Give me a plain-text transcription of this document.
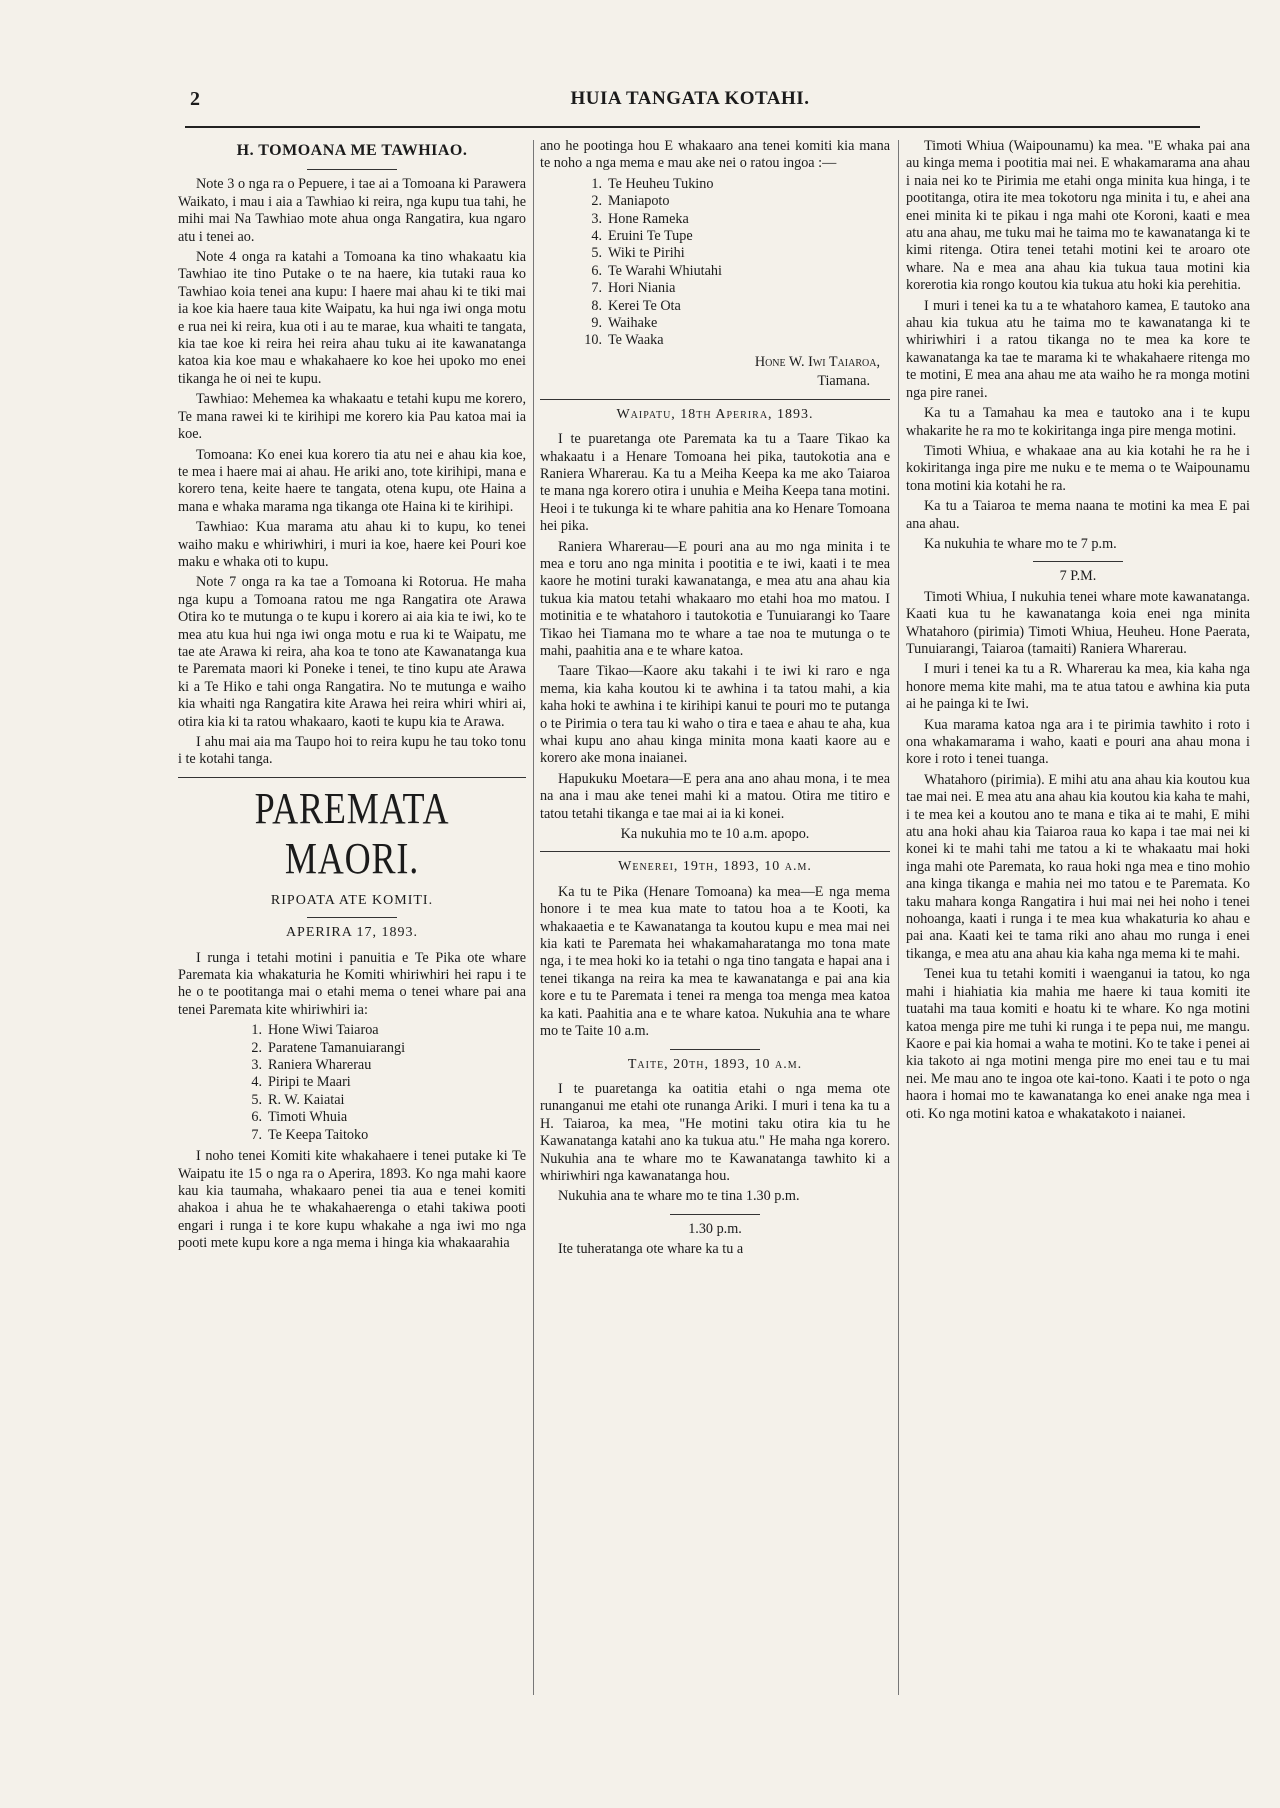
2	HUIA TANGATA KOTAHI.
H. TOMOANA ME TAWHIAO.

Note 3 o nga ra o Pepuere, i tae ai a Tomoana ki Parawera Waikato, i mau i aia a Tawhiao ki reira, nga kupu tua tahi, he mihi mai Na Tawhiao mote ahua onga Rangatira, kua ngaro atu i tenei ao.

Note 4 onga ra katahi a Tomoana ka tino whakaatu kia Tawhiao ite tino Putake o te na haere, kia tutaki raua ko Tawhiao koia tenei ana kupu: I haere mai ahau ki te tiki mai ia koe kia haere taua kite Waipatu, ka hui nga iwi onga motu e rua nei ki reira, kua oti i au te marae, kua whaiti te tangata, kia tae koe ki reira hei reira ahau tuku ai ite kawanatanga katoa kia koe mau e whakahaere ko koe hei upoko mo enei tikanga he oi nei te kupu.

Tawhiao: Mehemea ka whakaatu e tetahi kupu me korero, Te mana rawei ki te kirihipi me korero kia Pau katoa mai ia koe.

Tomoana: Ko enei kua korero tia atu nei e ahau kia koe, te mea i haere mai ai ahau. He ariki ano, tote kirihipi, mana e korero tena, keite haere te tangata, otena kupu, ote Haina a mana e whaka marama nga tikanga ote Haina ki te kirihipi.

Tawhiao: Kua marama atu ahau ki to kupu, ko tenei waiho maku e whiriwhiri, i muri ia koe, haere kei Pouri koe maku e whaka oti to kupu.

Note 7 onga ra ka tae a Tomoana ki Rotorua. He maha nga kupu a Tomoana ratou me nga Rangatira ote Arawa Otira ko te mutunga o te kupu i korero ai aia kia te iwi, ko te mea atu kua hui nga iwi onga motu e rua ki te Waipatu, me tae ate Arawa ki reira, aha koa te tono ate Kawanatanga kua te Paremata maori ki Poneke i tenei, te tino kupu ate Arawa ki a Te Hiko e tahi onga Rangatira. No te mutunga e waiho kia whaiti nga Rangatira kite Arawa hei reira whiri whiri ai, otira kia ki ta ratou whakaaro, kaoti te kupu kia te Arawa.

I ahu mai aia ma Taupo hoi to reira kupu he tau toko tonu i te kotahi tanga.

PAREMATA MAORI.
RIPOATA ATE KOMITI.
APERIRA 17, 1893.

I runga i tetahi motini i panuitia e Te Pika ote whare Paremata kia whakaturia he Komiti whiriwhiri hei rapu i te he o te pootitanga mai o etahi mema o tenei whare pai ana tenei Paremata kite whiriwhiri ia:

1. Hone Wiwi Taiaroa
2. Paratene Tamanuiarangi
3. Raniera Wharerau
4. Piripi te Maari
5. R. W. Kaiatai
6. Timoti Whuia
7. Te Keepa Taitoko

I noho tenei Komiti kite whakahaere i tenei putake ki Te Waipatu ite 15 o nga ra o Aperira, 1893. Ko nga mahi kaore kau kia taumaha, whakaaro penei tia aua e tenei komiti ahakoa i ahua he te whakahaerenga o etahi takiwa pooti engari i runga i te kore kupu whakahe a nga iwi mo nga pooti mete kupu kore a nga mema i hinga kia whakaarahia

ano he pootinga hou E whakaaro ana tenei komiti kia mana te noho a nga mema e mau ake nei o ratou ingoa :—

1. Te Heuheu Tukino
2. Maniapoto
3. Hone Rameka
4. Eruini Te Tupe
5. Wiki te Pirihi
6. Te Warahi Whiutahi
7. Hori Niania
8. Kerei Te Ota
9. Waihake
10. Te Waaka
Hone W. Iwi Taiaroa,
Tiamana.
Waipatu, 18th Aperira, 1893.

I te puaretanga ote Paremata ka tu a Taare Tikao ka whakaatu i a Henare Tomoana hei pika, tautokotia ana e Raniera Wharerau. Ka tu a Meiha Keepa ka me ako Taiaroa te mana nga korero otira i unuhia e Meiha Keepa tana motini. Heoi i te tukunga ki te whare pahitia ana ko Henare Tomoana hei pika.

Raniera Wharerau—E pouri ana au mo nga minita i te mea e toru ano nga minita i pootitia e te iwi, kaati i te mea kaore he motini turaki kawanatanga, e mea atu ana ahau kia tukua kia matou tetahi whakaaro mo etahi hoa mo matou. I motinitia e te whatahoro i tautokotia e Tunuiarangi ko Taare Tikao hei Tiamana mo te whare a tae noa te mutunga o te mahi, paahitia ana e te whare katoa.

Taare Tikao—Kaore aku takahi i te iwi ki raro e nga mema, kia kaha koutou ki te awhina i ta tatou mahi, a kia kaha hoki te awhina i te kirihipi kanui te pouri mo te putanga o te Pirimia o tera tau ki waho o tira e taea e ahau te aha, kua whai kupu ano ahau kinga minita mona kaati kaore au e korero ake mona inaianei.

Hapukuku Moetara—E pera ana ano ahau mona, i te mea na ana i mau ake tenei mahi ki a matou. Otira me titiro e tatou tetahi tikanga e tae mai ai ia ki konei.

Ka nukuhia mo te 10 a.m. apopo.

Wenerei, 19th, 1893, 10 a.m.

Ka tu te Pika (Henare Tomoana) ka mea—E nga mema honore i te mea kua mate to tatou hoa a te Kooti, ka whakaaetia e te Kawanatanga ta koutou kupu e mea mai nei kia kati te Paremata hei whakamaharatanga mo tona mate nga, i te mea hoki ko ia tetahi o nga tino tangata e hapai ana i tenei tikanga na reira ka mea te kawanatanga e pai ana kia kore e tu te Paremata i tenei ra menga toa menga mea katoa ka kati. Paahitia ana e te whare katoa. Nukuhia ana te whare mo te Taite 10 a.m.

Taite, 20th, 1893, 10 a.m.

I te puaretanga ka oatitia etahi o nga mema ote runanganui me etahi ote runanga Ariki. I muri i tena ka tu a H. Taiaroa, ka mea, "He motini taku otira kia tu he Kawanatanga katahi ano ka tukua atu." He maha nga korero. Nukuhia ana te whare mo te Kawanatanga tawhito ki a whiriwhiri nga kawanatanga hou.

Nukuhia ana te whare mo te tina 1.30 p.m.

1.30 p.m.

Ite tuheratanga ote whare ka tu a

Timoti Whiua (Waipounamu) ka mea. "E whaka pai ana au kinga mema i pootitia mai nei. E whakamarama ana ahau i naia nei ko te Pirimia me etahi onga minita kua hinga, i te pootitanga, otira ite mea tokotoru nga minita i tu, e ahei ana enei minita ki te pikau i nga mahi ote Koroni, kaati e mea atu ana ahau, me tuku mai he taima mo te kawanatanga ki te kimi ritenga. Otira tenei tetahi motini kei te aroaro ote whare. Na e mea ana ahau kia tukua taua motini kia korerotia kia rongo koutou kia tukua atu hoki kia perehitia.

I muri i tenei ka tu a te whatahoro kamea, E tautoko ana ahau kia tukua atu he taima mo te kawanatanga ki te whiriwhiri i a ratou tikanga no te mea ka kore te kawanatanga ka tae te marama ki te whakahaere ritenga mo te motini, E mea ana ahau me ata waiho he ra monga motini nga pire ranei.

Ka tu a Tamahau ka mea e tautoko ana i te kupu whakarite he ra mo te kokiritanga inga pire menga motini.

Timoti Whiua, e whakaae ana au kia kotahi he ra he i kokiritanga inga pire me nuku e te mema o te Waipounamu tona motini kia kotahi he ra.

Ka tu a Taiaroa te mema naana te motini ka mea E pai ana ahau.

Ka nukuhia te whare mo te 7 p.m.

7 P.M.

Timoti Whiua, I nukuhia tenei whare mote kawanatanga. Kaati kua tu he kawanatanga koia enei nga minita Whatahoro (pirimia) Timoti Whiua, Heuheu. Hone Paerata, Tunuiarangi, Taiaroa (tamaiti) Raniera Wharerau.

I muri i tenei ka tu a R. Wharerau ka mea, kia kaha nga honore mema kite mahi, ma te atua tatou e awhina kia puta ai he painga ki te Iwi.

Kua marama katoa nga ara i te pirimia tawhito i roto i ona whakamarama i waho, kaati e pouri ana ahau mona i kore i roto i tenei tuanga.

Whatahoro (pirimia). E mihi atu ana ahau kia koutou kua tae mai nei. E mea atu ana ahau kia koutou kia kaha te mahi, i te mea kei a koutou ano te mana e tika ai te mahi, E mihi atu ana hoki ahau kia Taiaroa raua ko kapa i tae mai nei ki konei ki te mahi tahi me tatou a ki te whakaatu mai hoki inga mahi ote Paremata, ko raua hoki nga mea e tino mohio ana kinga tikanga e mahia nei mo tatou e te Paremata. Ko taku mahara konga Rangatira i hui mai nei hei noho i tenei nohoanga, kaati i runga i te mea kua whakaturia ko ahau e pai ana. Kaati kei te tama riki ano ahau mo runga i enei tikanga, e mea atu ana ahau kia kaha nga mema ki te mahi.

Tenei kua tu tetahi komiti i waenganui ia tatou, ko nga mahi i hiahiatia kia mahia me haere ki taua komiti ite tuatahi ma taua komiti e hoatu ki te whare. Ko nga motini katoa menga pire me tuhi ki runga i te pepa nui, me mangu. Kaore e pai kia homai a waha te motini. Ko te take i penei ai kia takoto ai nga motini menga pire mo enei tau e tu mai nei. Me mau ano te ingoa ote kai-tono. Kaati i te poto o nga haora i homai mo te kawanatanga ko enei anake nga mea i oti. Ko nga motini katoa e whakatakoto i naianei.
